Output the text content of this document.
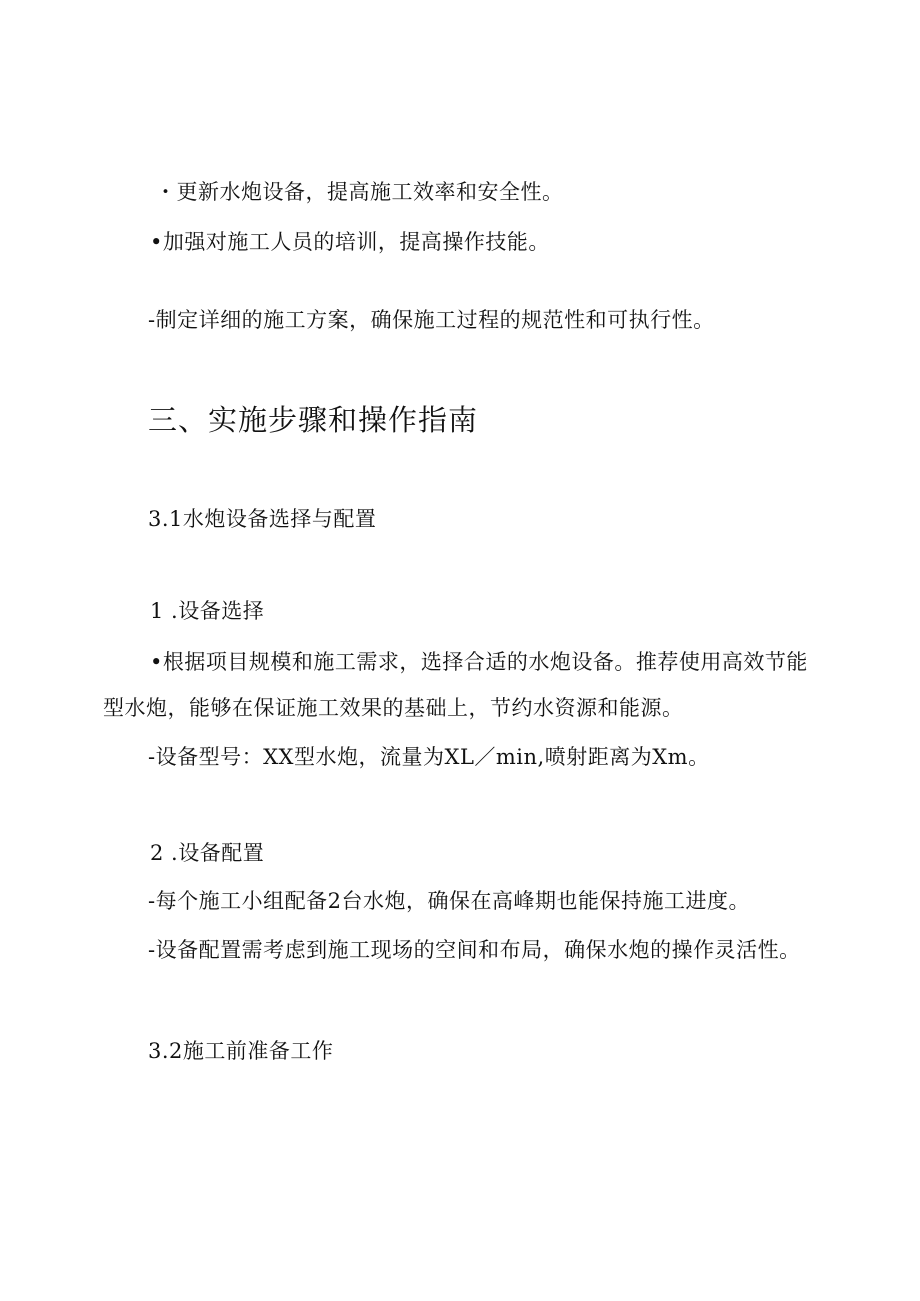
・更新水炮设备，提高施工效率和安全性。
•加强对施工人员的培训，提高操作技能。
-制定详细的施工方案，确保施工过程的规范性和可执行性。
三、实施步骤和操作指南
3.1水炮设备选择与配置
1 .设备选择
•根据项目规模和施工需求，选择合适的水炮设备。推荐使用高效节能
型水炮，能够在保证施工效果的基础上，节约水资源和能源。
-设备型号：XX型水炮，流量为XL／min,喷射距离为Xm。
2 .设备配置
-每个施工小组配备2台水炮，确保在高峰期也能保持施工进度。
-设备配置需考虑到施工现场的空间和布局，确保水炮的操作灵活性。
3.2施工前准备工作
